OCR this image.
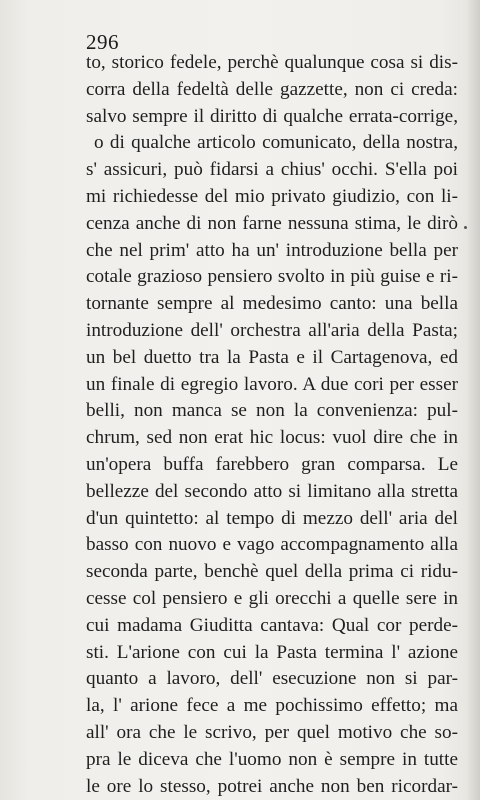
296
to, storico fedele, perchè qualunque cosa si dis-
corra della fedeltà delle gazzette, non ci creda:
salvo sempre il diritto di qualche errata-corrige,
o di qualche articolo comunicato, della nostra,
s' assicuri, può fidarsi a chius' occhi. S'ella poi
mi richiedesse del mio privato giudizio, con li-
cenza anche di non farne nessuna stima, le dirò
che nel prim' atto ha un' introduzione bella per
cotale grazioso pensiero svolto in più guise e ri-
tornante sempre al medesimo canto: una bella
introduzione dell' orchestra all'aria della Pasta;
un bel duetto tra la Pasta e il Cartagenova, ed
un finale di egregio lavoro. A due cori per esser
belli, non manca se non la convenienza: pul-
chrum, sed non erat hic locus: vuol dire che in
un'opera buffa farebbero gran comparsa. Le
bellezze del secondo atto si limitano alla stretta
d'un quintetto: al tempo di mezzo dell' aria del
basso con nuovo e vago accompagnamento alla
seconda parte, benchè quel della prima ci ridu-
cesse col pensiero e gli orecchi a quelle sere in
cui madama Giuditta cantava: Qual cor perde-
sti. L'arione con cui la Pasta termina l' azione
quanto a lavoro, dell' esecuzione non si par-
la, l' arione fece a me pochissimo effetto; ma
all' ora che le scrivo, per quel motivo che so-
pra le diceva che l'uomo non è sempre in tutte
le ore lo stesso, potrei anche non ben ricordar-
